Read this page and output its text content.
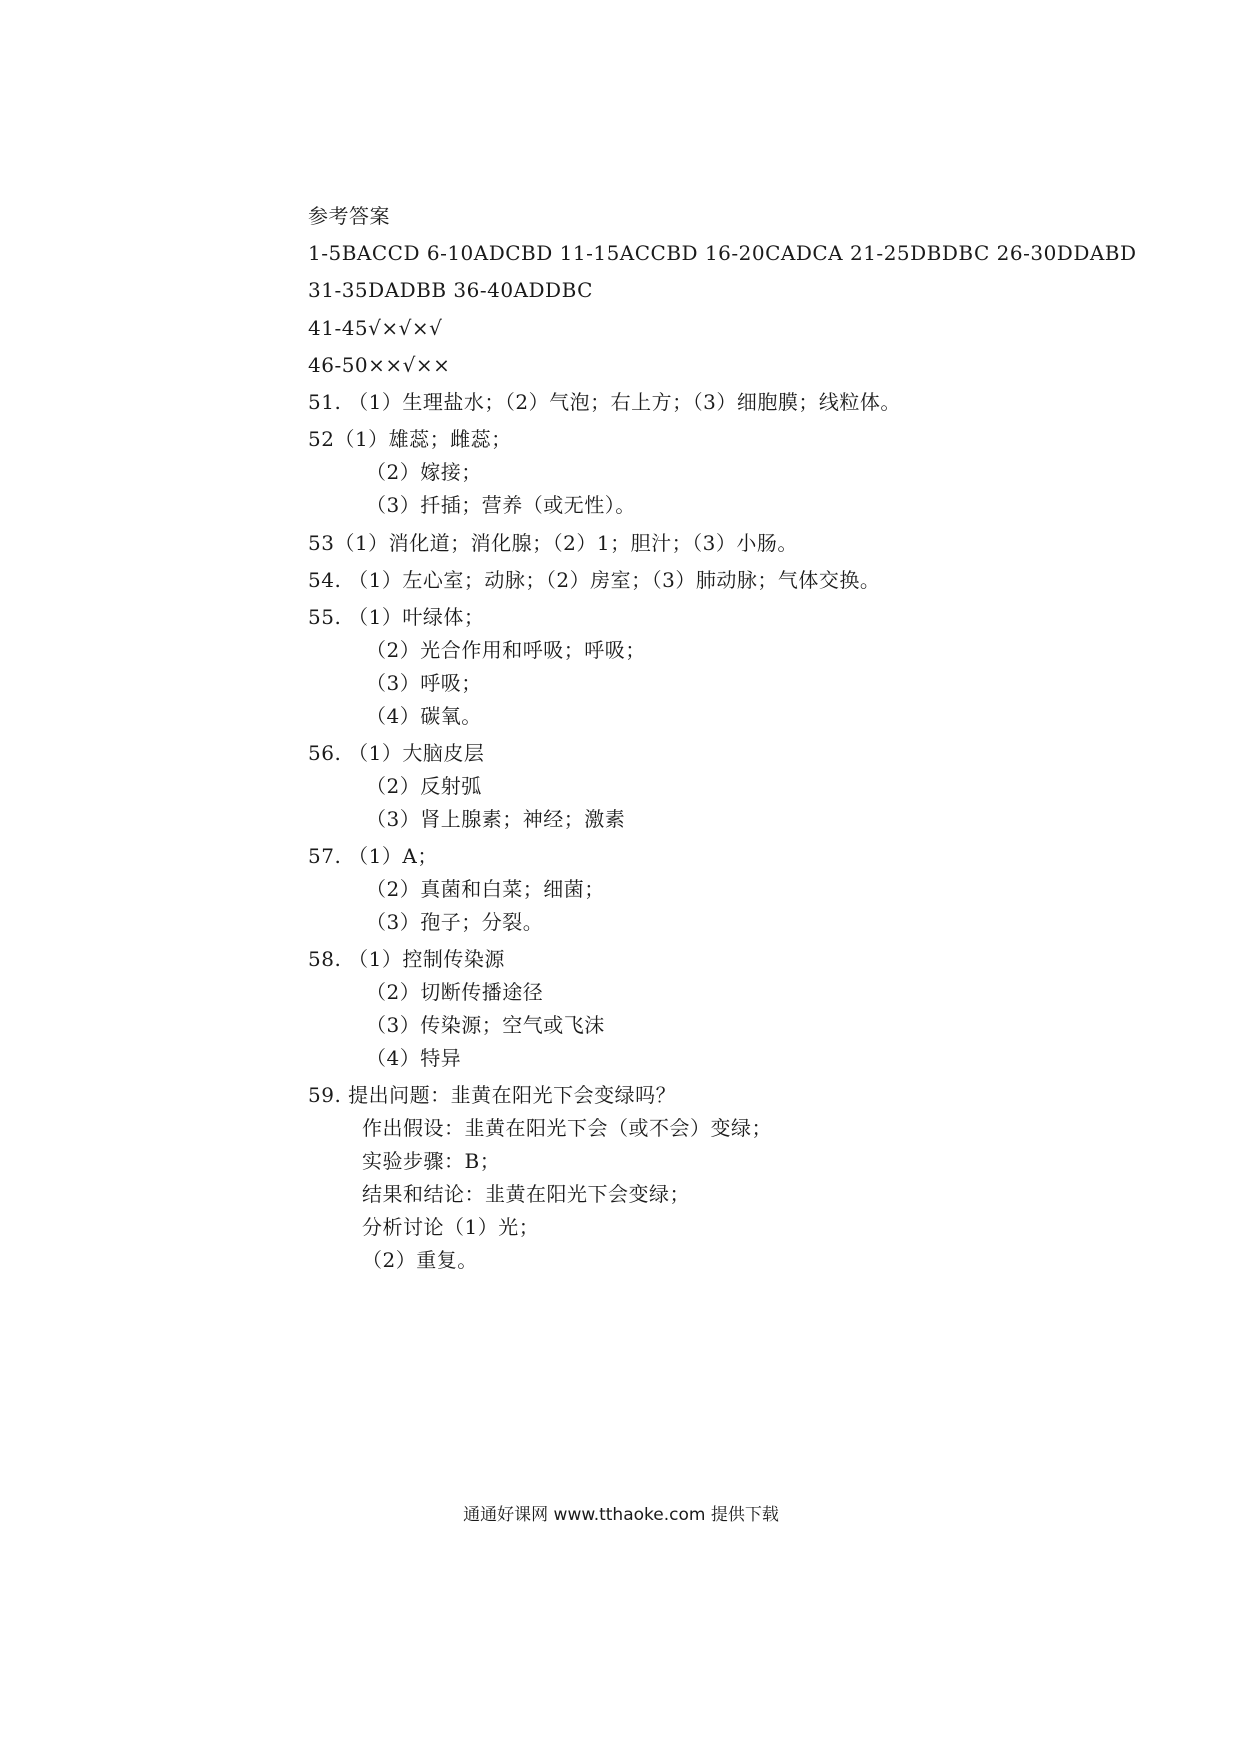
参考答案
1-5BACCD 6-10ADCBD 11-15ACCBD 16-20CADCA 21-25DBDBC 26-30DDABD
31-35DADBB 36-40ADDBC
41-45√×√×√
46-50××√××
51. （1）生理盐水；（2）气泡；右上方；（3）细胞膜；线粒体。
52（1）雄蕊；雌蕊；
（2）嫁接；
（3）扦插；营养（或无性）。
53（1）消化道；消化腺；（2）1；胆汁；（3）小肠。
54. （1）左心室；动脉；（2）房室；（3）肺动脉；气体交换。
55. （1）叶绿体；
（2）光合作用和呼吸；呼吸；
（3）呼吸；
（4）碳氧。
56. （1）大脑皮层
（2）反射弧
（3）肾上腺素；神经；激素
57. （1）A；
（2）真菌和白菜；细菌；
（3）孢子；分裂。
58. （1）控制传染源
（2）切断传播途径
（3）传染源；空气或飞沫
（4）特异
59. 提出问题：韭黄在阳光下会变绿吗？
作出假设：韭黄在阳光下会（或不会）变绿；
实验步骤：B；
结果和结论：韭黄在阳光下会变绿；
分析讨论（1）光；
（2）重复。
通通好课网 www.tthaoke.com 提供下载
